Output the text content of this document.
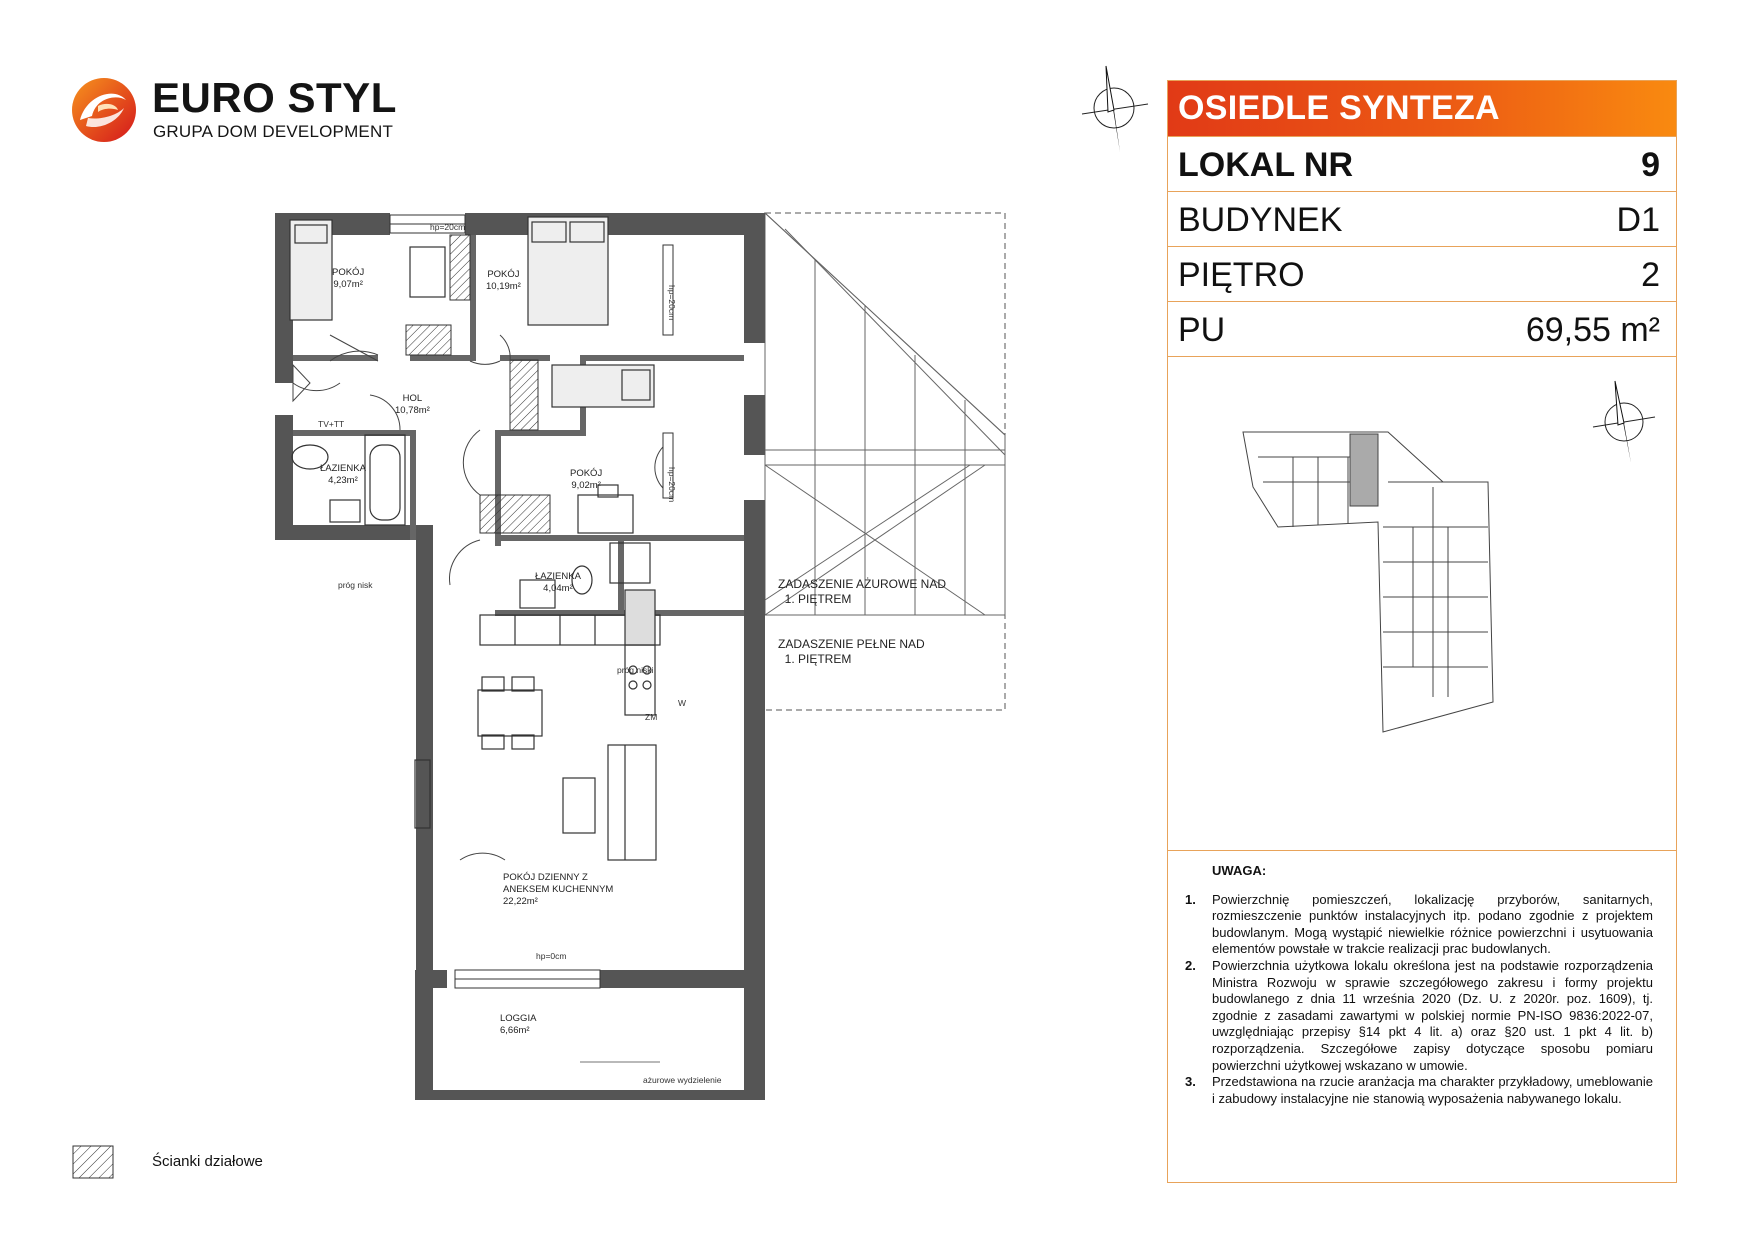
EURO STYL
GRUPA DOM DEVELOPMENT
POKÓJ
9,07m²
POKÓJ
10,19m²
HOL
10,78m²
ŁAZIENKA
4,23m²
POKÓJ
9,02m²
ŁAZIENKA
4,04m²

POKÓJ DZIENNY Z
ANEKSEM KUCHENNYM
22,22m²

LOGGIA
6,66m²
hp=20cm
hp=20cm
hp=20cm
hp=0cm
TV+TT
próg nisk
próg niski
ZM
W
ażurowe wydzielenie
ZADASZENIE AŻUROWE NAD
1. PIĘTREM
ZADASZENIE PEŁNE NAD
1. PIĘTREM
OSIEDLE SYNTEZA
LOKAL NR	9
BUDYNEK	D1
PIĘTRO	2
PU	69,55 m²
UWAGA:
1. Powierzchnię pomieszczeń, lokalizację przyborów, sanitarnych, rozmieszczenie punktów instalacyjnych itp. podano zgodnie z projektem budowlanym. Mogą wystąpić niewielkie różnice powierzchni i usytuowania elementów powstałe w trakcie realizacji prac budowlanych.
2. Powierzchnia użytkowa lokalu określona jest na podstawie rozporządzenia Ministra Rozwoju w sprawie szczegółowego zakresu i formy projektu budowlanego z dnia 11 września 2020 (Dz. U. z 2020r. poz. 1609), tj. zgodnie z zasadami zawartymi w polskiej normie PN-ISO 9836:2022-07, uwzględniając przepisy §14 pkt 4 lit. a) oraz §20 ust. 1 pkt 4 lit. b) rozporządzenia. Szczegółowe zapisy dotyczące sposobu pomiaru powierzchni użytkowej wskazano w umowie.
3. Przedstawiona na rzucie aranżacja ma charakter przykładowy, umeblowanie i zabudowy instalacyjne nie stanowią wyposażenia nabywanego lokalu.
Ścianki działowe
